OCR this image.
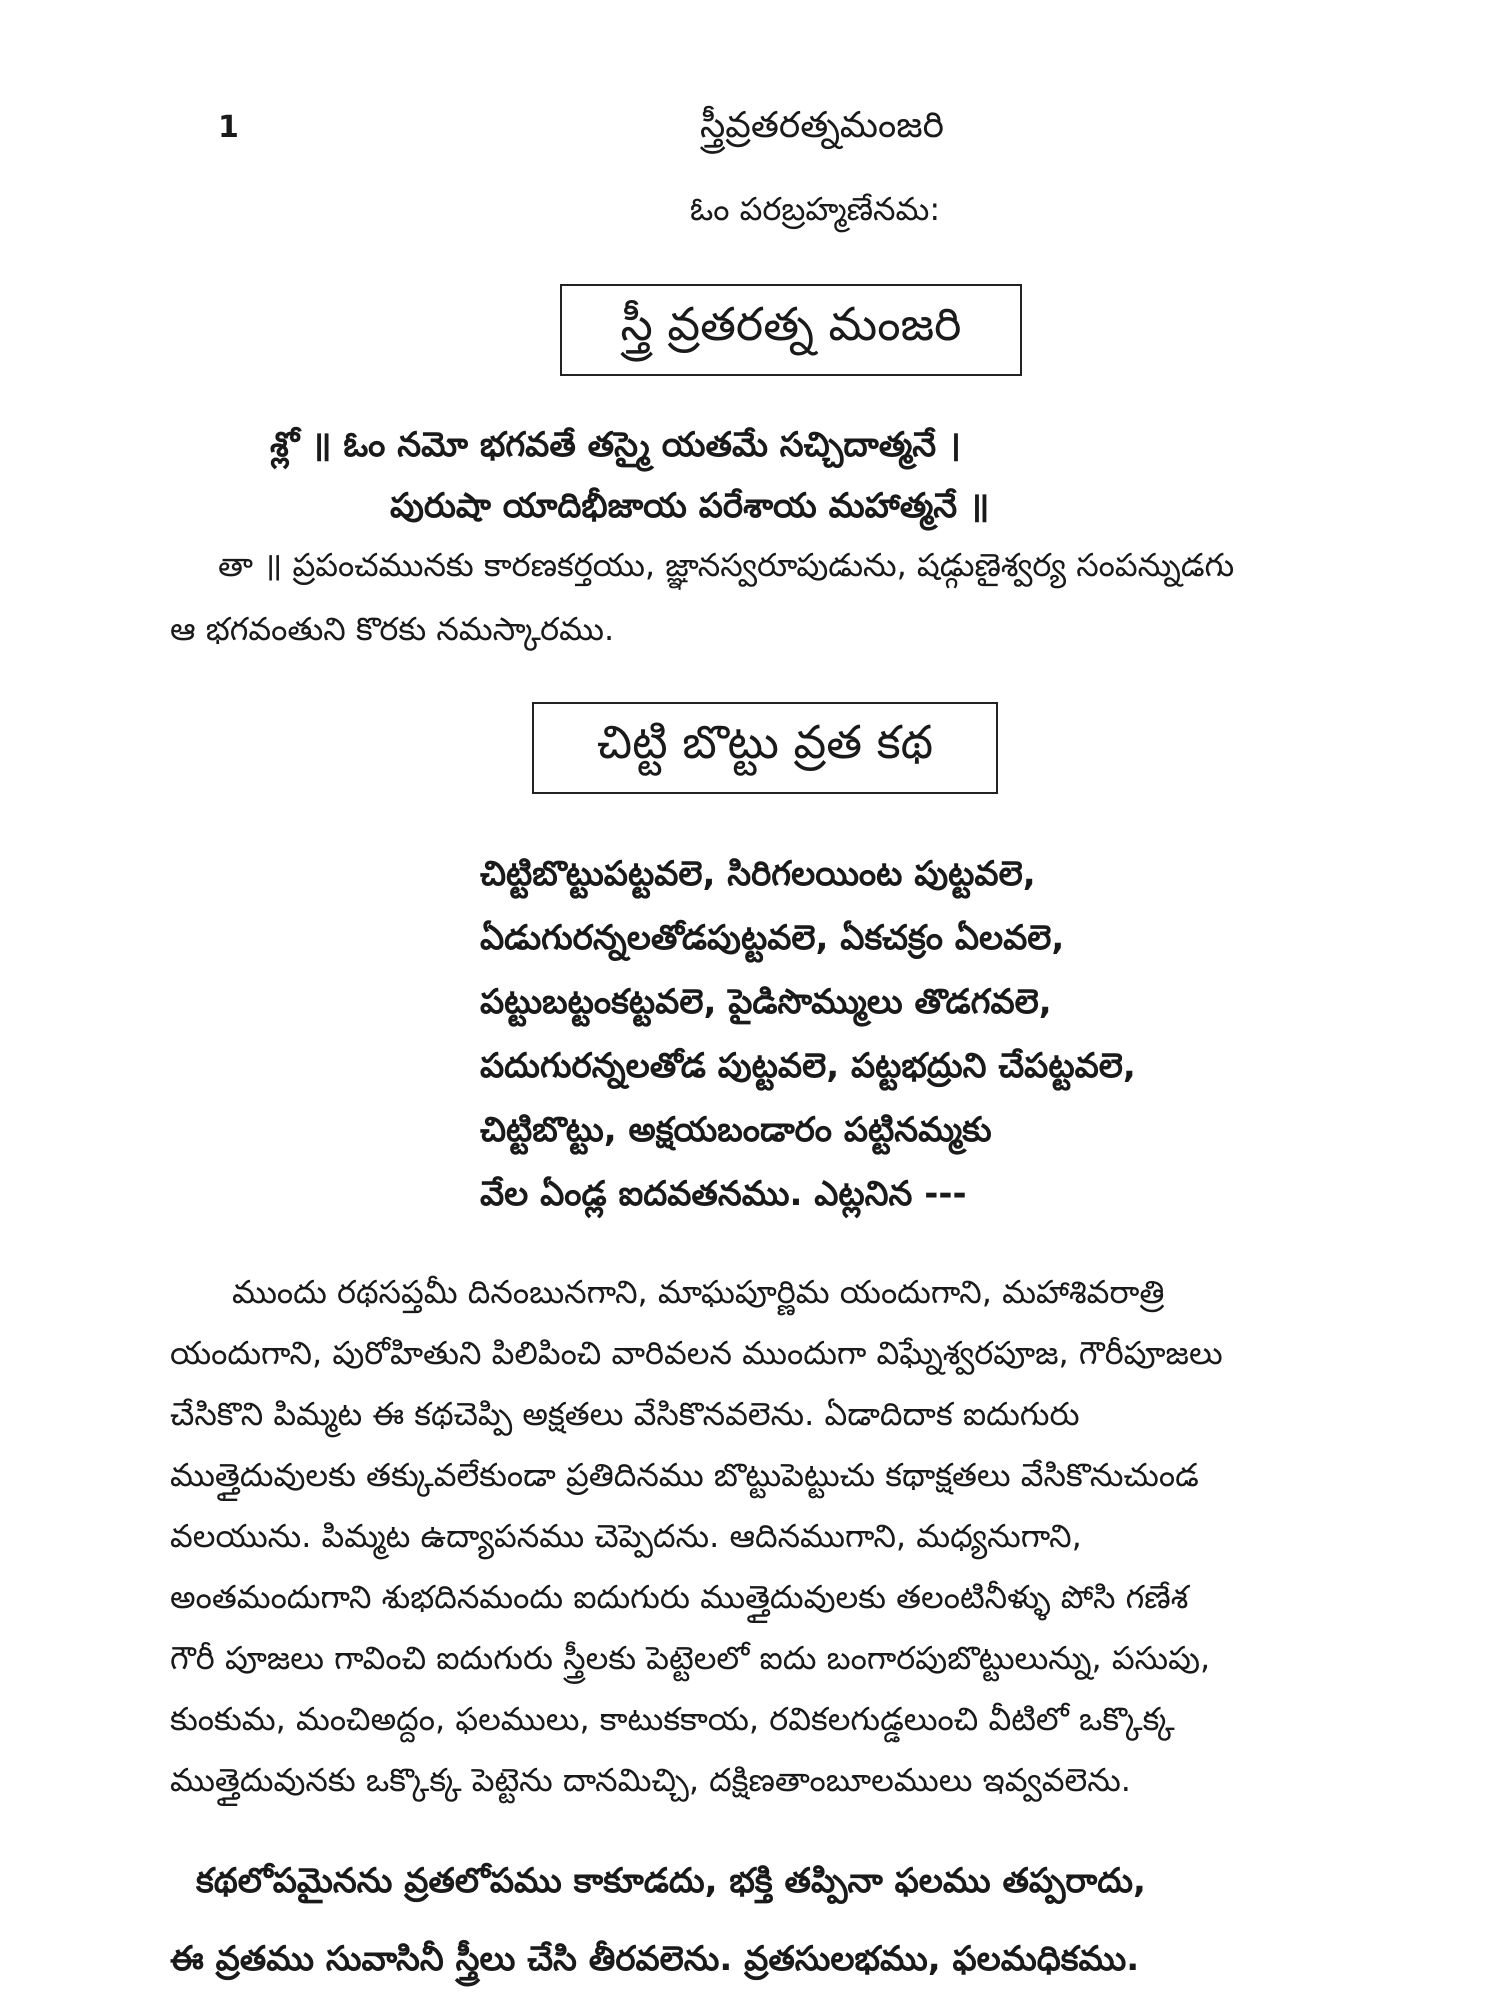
1	స్త్రీవ్రతరత్నమంజరి
ఓం పరబ్రహ్మణేనమ:
స్త్రీ వ్రతరత్న మంజరి
శ్లో ॥ ఓం నమో భగవతే తస్మై యతమే సచ్చిదాత్మనే ।
పురుషా యాదిభీజాయ పరేశాయ మహాత్మనే ॥
తా ॥ ప్రపంచమునకు కారణకర్తయు, జ్ఞానస్వరూపుడును, షడ్గుణైశ్వర్య సంపన్నుడగు
ఆ భగవంతుని కొరకు నమస్కారము.
చిట్టి బొట్టు వ్రత కథ
చిట్టిబొట్టుపట్టవలె, సిరిగలయింట పుట్టవలె,
ఏడుగురన్నలతోడపుట్టవలె, ఏకచక్రం ఏలవలె,
పట్టుబట్టంకట్టవలె, పైడిసొమ్ములు తొడగవలె,
పదుగురన్నలతోడ పుట్టవలె, పట్టభద్రుని చేపట్టవలె,
చిట్టిబొట్టు, అక్షయబండారం పట్టినమ్మకు
వేల ఏండ్ల ఐదవతనము. ఎట్లనిన ---
ముందు రథసప్తమీ దినంబునగాని, మాఘపూర్ణిమ యందుగాని, మహాశివరాత్రి
యందుగాని, పురోహితుని పిలిపించి వారివలన ముందుగా విఘ్నేశ్వరపూజ, గౌరీపూజలు
చేసికొని పిమ్మట ఈ కథచెప్పి అక్షతలు వేసికొనవలెను. ఏడాదిదాక ఐదుగురు
ముత్తైదువులకు తక్కువలేకుండా ప్రతిదినము బొట్టుపెట్టుచు కథాక్షతలు వేసికొనుచుండ
వలయును. పిమ్మట ఉద్యాపనము చెప్పెదను. ఆదినముగాని, మధ్యనుగాని,
అంతమందుగాని శుభదినమందు ఐదుగురు ముత్తైదువులకు తలంటినీళ్ళు పోసి గణేశ
గౌరీ పూజలు గావించి ఐదుగురు స్త్రీలకు పెట్టెలలో ఐదు బంగారపుబొట్టులున్ను, పసుపు,
కుంకుమ, మంచిఅద్దం, ఫలములు, కాటుకకాయ, రవికలగుడ్డలుంచి వీటిలో ఒక్కొక్క
ముత్తైదువునకు ఒక్కొక్క పెట్టెను దానమిచ్చి, దక్షిణతాంబూలములు ఇవ్వవలెను.
కథలోపమైనను వ్రతలోపము కాకూడదు, భక్తి తప్పినా ఫలము తప్పరాదు,
ఈ వ్రతము సువాసినీ స్త్రీలు చేసి తీరవలెను. వ్రతసులభము, ఫలమధికము.
